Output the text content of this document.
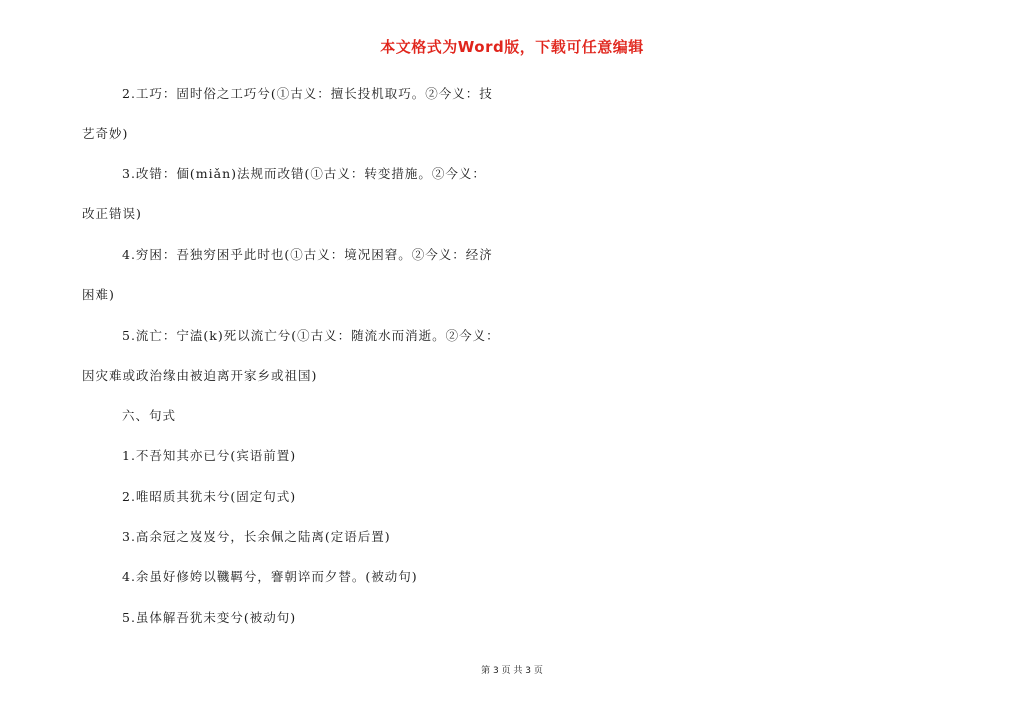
本文格式为Word版，下载可任意编辑
2.工巧：固时俗之工巧兮(①古义：擅长投机取巧。②今义：技
艺奇妙)
3.改错：偭(miǎn)法规而改错(①古义：转变措施。②今义：
改正错误)
4.穷困：吾独穷困乎此时也(①古义：境况困窘。②今义：经济
困难)
5.流亡：宁溘(k)死以流亡兮(①古义：随流水而消逝。②今义：
因灾难或政治缘由被迫离开家乡或祖国)
六、句式
1.不吾知其亦已兮(宾语前置)
2.唯昭质其犹未兮(固定句式)
3.高余冠之岌岌兮，长余佩之陆离(定语后置)
4.余虽好修姱以鞿羁兮，謇朝谇而夕替。(被动句)
5.虽体解吾犹未变兮(被动句)
第 3 页 共 3 页
